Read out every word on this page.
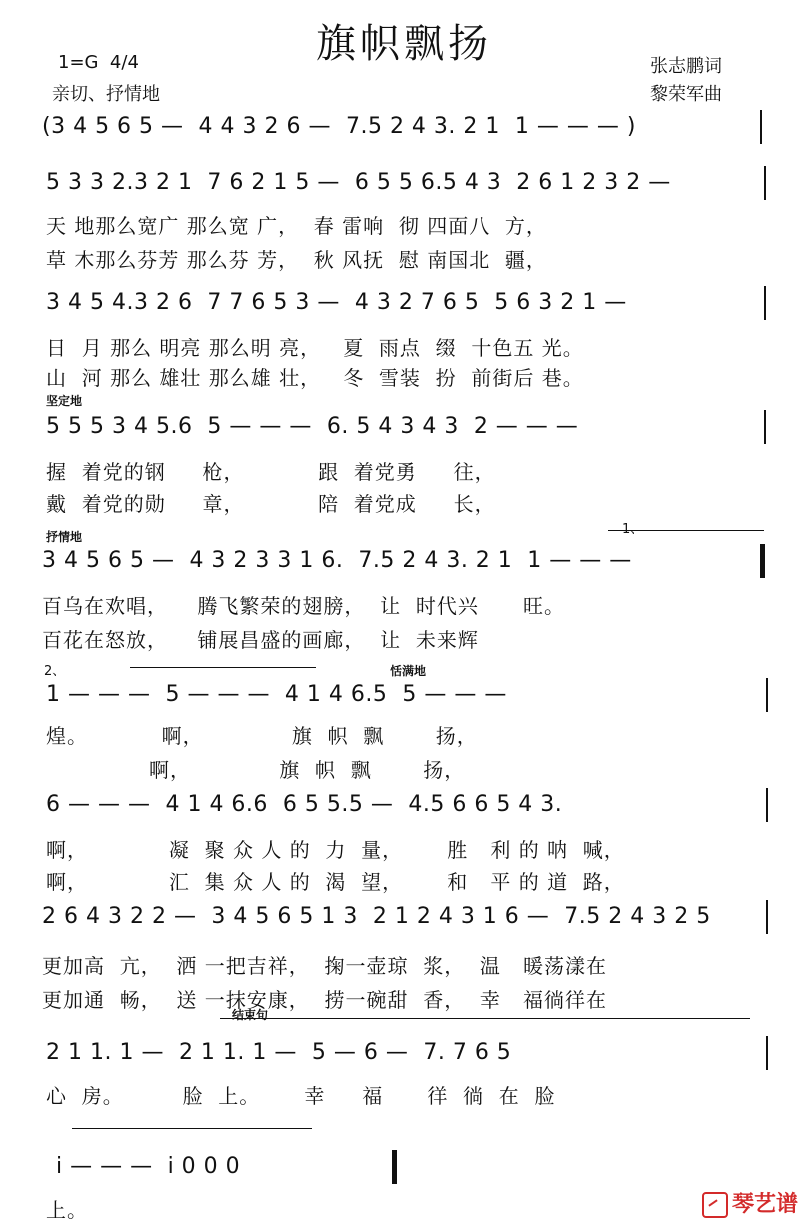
旗帜飘扬
1=G  4/4
亲切、抒情地
张志鹏词
黎荣军曲
(3 4 5 6 5 —  4 4 3 2 6 —  7.5 2 4 3. 2 1  1 — — — )
5 3 3 2.3 2 1  7 6 2 1 5 —  6 5 5 6.5 4 3  2 6 1 2 3 2 —
天 地那么宽广 那么宽 广，  春 雷响  彻 四面八  方，
草 木那么芬芳 那么芬 芳，  秋 风抚  慰 南国北  疆，
3 4 5 4.3 2 6  7 7 6 5 3 —  4 3 2 7 6 5  5 6 3 2 1 —
日  月 那么 明亮 那么明 亮，   夏  雨点  缀  十色五 光。
山  河 那么 雄壮 那么雄 壮，   冬  雪装  扮  前街后 巷。
坚定地
5 5 5 3 4 5.6  5 — — —  6. 5 4 3 4 3  2 — — —
握  着党的钢     枪，          跟  着党勇     往，
戴  着党的勋     章，          陪  着党成     长，
抒情地	1、
3 4 5 6 5 —  4 3 2 3 3 1 6.  7.5 2 4 3. 2 1  1 — — —
百乌在欢唱，    腾飞繁荣的翅膀，  让  时代兴      旺。
百花在怒放，    铺展昌盛的画廊，  让  未来辉
2、	恬满地
1 — — —  5 — — —  4 1 4 6.5  5 — — —
煌。          啊，            旗  帜  飘       扬，
啊，            旗  帜  飘       扬，
6 — — —  4 1 4 6.6  6 5 5.5 —  4.5 6 6 5 4 3.
啊，           凝  聚 众 人 的  力  量，      胜   利 的 呐  喊，
啊，           汇  集 众 人 的  渴  望，      和   平 的 道  路，
2 6 4 3 2 2 —  3 4 5 6 5 1 3  2 1 2 4 3 1 6 —  7.5 2 4 3 2 5
更加高  亢，  洒 一把吉祥，  掬一壶琼  浆，  温   暖荡漾在
更加通  畅，  送 一抹安康，  捞一碗甜  香，  幸   福徜徉在
结束句
2 1 1. 1 —  2 1 1. 1 —  5 — 6 —  7. 7 6 5
心  房。        脸  上。      幸     福      徉  徜  在  脸
i — — —  i 0 0 0
上。	琴艺谱
